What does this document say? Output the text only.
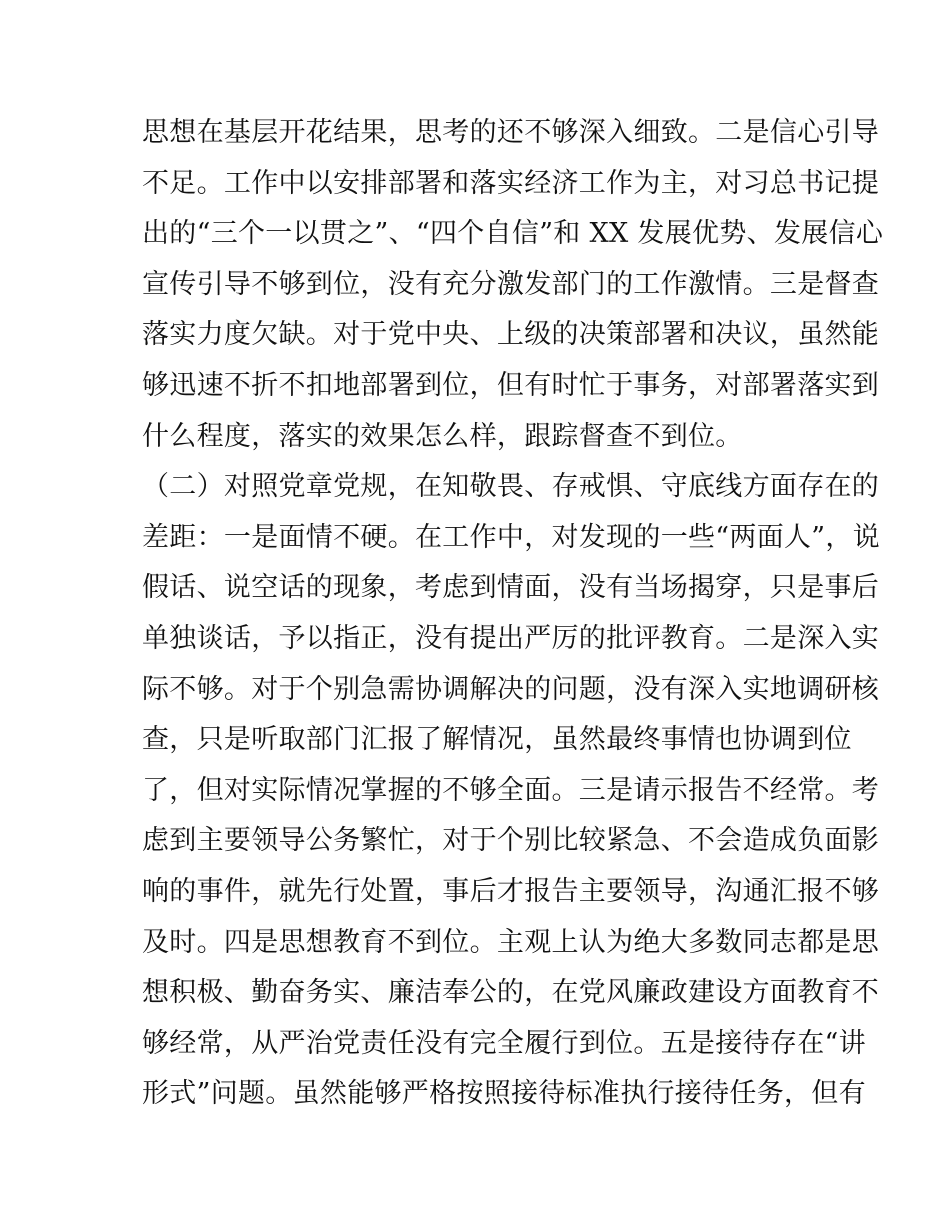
思想在基层开花结果，思考的还不够深入细致。二是信心引导
不足。工作中以安排部署和落实经济工作为主，对习总书记提
出的“三个一以贯之”、“四个自信”和 XX 发展优势、发展信心
宣传引导不够到位，没有充分激发部门的工作激情。三是督查
落实力度欠缺。对于党中央、上级的决策部署和决议，虽然能
够迅速不折不扣地部署到位，但有时忙于事务，对部署落实到
什么程度，落实的效果怎么样，跟踪督查不到位。
（二）对照党章党规，在知敬畏、存戒惧、守底线方面存在的
差距：一是面情不硬。在工作中，对发现的一些“两面人”，说
假话、说空话的现象，考虑到情面，没有当场揭穿，只是事后
单独谈话，予以指正，没有提出严厉的批评教育。二是深入实
际不够。对于个别急需协调解决的问题，没有深入实地调研核
查，只是听取部门汇报了解情况，虽然最终事情也协调到位
了，但对实际情况掌握的不够全面。三是请示报告不经常。考
虑到主要领导公务繁忙，对于个别比较紧急、不会造成负面影
响的事件，就先行处置，事后才报告主要领导，沟通汇报不够
及时。四是思想教育不到位。主观上认为绝大多数同志都是思
想积极、勤奋务实、廉洁奉公的，在党风廉政建设方面教育不
够经常，从严治党责任没有完全履行到位。五是接待存在“讲
形式”问题。虽然能够严格按照接待标准执行接待任务，但有
